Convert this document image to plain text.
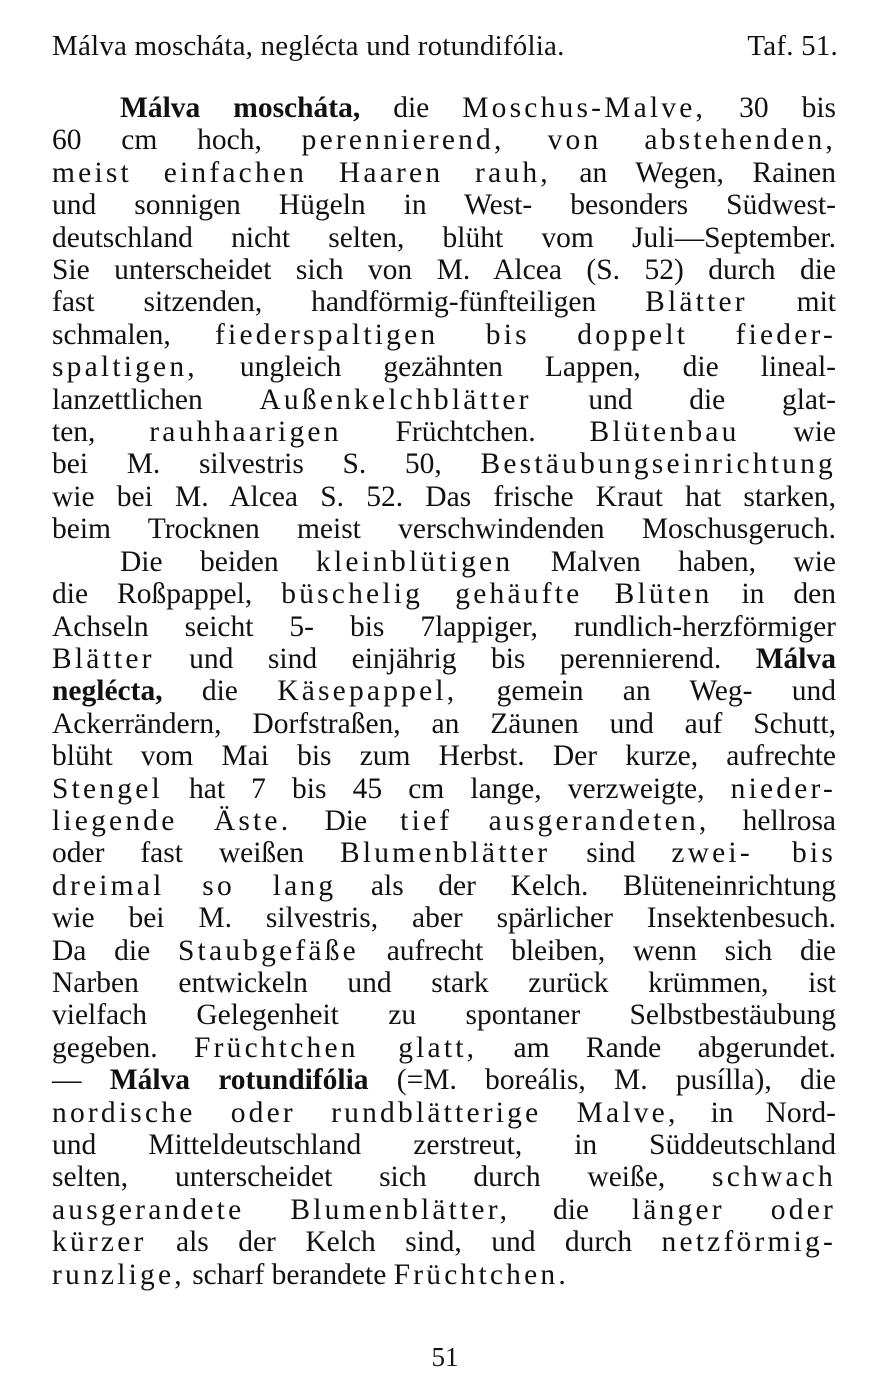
Málva moscháta, neglécta und rotundifólia.	Taf. 51.
Málva moscháta, die Moschus-Malve, 30 bis
60 cm hoch, perennierend, von abstehenden,
meist einfachen Haaren rauh, an Wegen, Rainen
und sonnigen Hügeln in West- besonders Südwest-
deutschland nicht selten, blüht vom Juli—September.
Sie unterscheidet sich von M. Alcea (S. 52) durch die
fast sitzenden, handförmig-fünfteiligen Blätter mit
schmalen, fiederspaltigen bis doppelt fieder-
spaltigen, ungleich gezähnten Lappen, die lineal-
lanzettlichen Außenkelchblätter und die glat-
ten, rauhhaarigen Früchtchen. Blütenbau wie
bei M. silvestris S. 50, Bestäubungseinrichtung
wie bei M. Alcea S. 52. Das frische Kraut hat starken,
beim Trocknen meist verschwindenden Moschusgeruch.
Die beiden kleinblütigen Malven haben, wie
die Roßpappel, büschelig gehäufte Blüten in den
Achseln seicht 5- bis 7lappiger, rundlich-herzförmiger
Blätter und sind einjährig bis perennierend. Málva
neglécta, die Käsepappel, gemein an Weg- und
Ackerrändern, Dorfstraßen, an Zäunen und auf Schutt,
blüht vom Mai bis zum Herbst. Der kurze, aufrechte
Stengel hat 7 bis 45 cm lange, verzweigte, nieder-
liegende Äste. Die tief ausgerandeten, hellrosa
oder fast weißen Blumenblätter sind zwei- bis
dreimal so lang als der Kelch. Blüteneinrichtung
wie bei M. silvestris, aber spärlicher Insektenbesuch.
Da die Staubgefäße aufrecht bleiben, wenn sich die
Narben entwickeln und stark zurück krümmen, ist
vielfach Gelegenheit zu spontaner Selbstbestäubung
gegeben. Früchtchen glatt, am Rande abgerundet.
— Málva rotundifólia (=M. boreális, M. pusílla), die
nordische oder rundblätterige Malve, in Nord-
und Mitteldeutschland zerstreut, in Süddeutschland
selten, unterscheidet sich durch weiße, schwach
ausgerandete Blumenblätter, die länger oder
kürzer als der Kelch sind, und durch netzförmig-
runzlige, scharf berandete Früchtchen.
51
